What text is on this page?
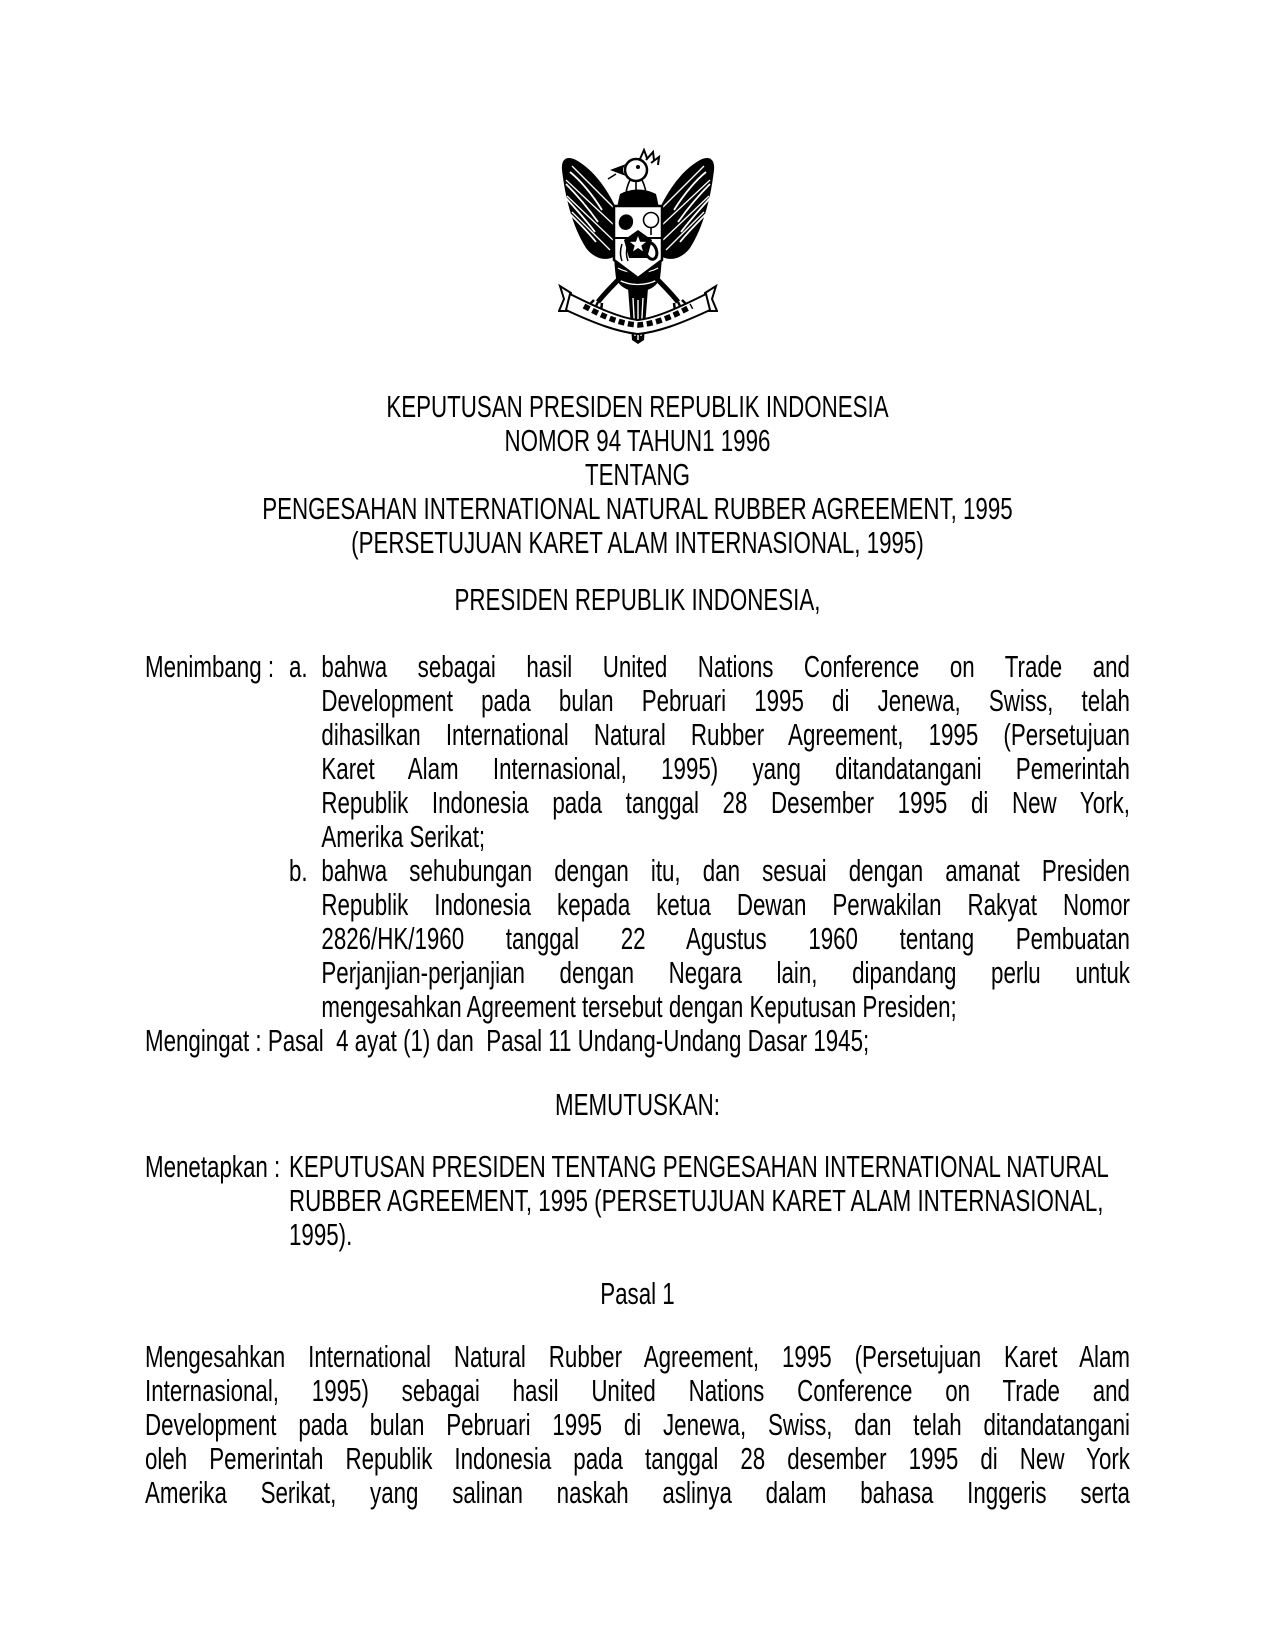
KEPUTUSAN PRESIDEN REPUBLIK INDONESIA
NOMOR 94 TAHUN1 1996
TENTANG
PENGESAHAN INTERNATIONAL NATURAL RUBBER AGREEMENT, 1995
(PERSETUJUAN KARET ALAM INTERNASIONAL, 1995)
PRESIDEN REPUBLIK INDONESIA,
Menimbang : a. bahwa sebagai hasil United Nations Conference on Trade and
Development pada bulan Pebruari 1995 di Jenewa, Swiss, telah
dihasilkan International Natural Rubber Agreement, 1995 (Persetujuan
Karet Alam Internasional, 1995) yang ditandatangani Pemerintah
Republik Indonesia pada tanggal 28 Desember 1995 di New York,
Amerika Serikat;
b. bahwa sehubungan dengan itu, dan sesuai dengan amanat Presiden
Republik Indonesia kepada ketua Dewan Perwakilan Rakyat Nomor
2826/HK/1960 tanggal 22 Agustus 1960 tentang Pembuatan
Perjanjian-perjanjian dengan Negara lain, dipandang perlu untuk
mengesahkan Agreement tersebut dengan Keputusan Presiden;
Mengingat : Pasal  4 ayat (1) dan  Pasal 11 Undang-Undang Dasar 1945;
MEMUTUSKAN:
Menetapkan : KEPUTUSAN PRESIDEN TENTANG PENGESAHAN INTERNATIONAL NATURAL
RUBBER AGREEMENT, 1995 (PERSETUJUAN KARET ALAM INTERNASIONAL,
1995).
Pasal 1
Mengesahkan International Natural Rubber Agreement, 1995 (Persetujuan Karet Alam
Internasional, 1995) sebagai hasil United Nations Conference on Trade and
Development pada bulan Pebruari 1995 di Jenewa, Swiss, dan telah ditandatangani
oleh Pemerintah Republik Indonesia pada tanggal 28 desember 1995 di New York
Amerika Serikat, yang salinan naskah aslinya dalam bahasa Inggeris serta
